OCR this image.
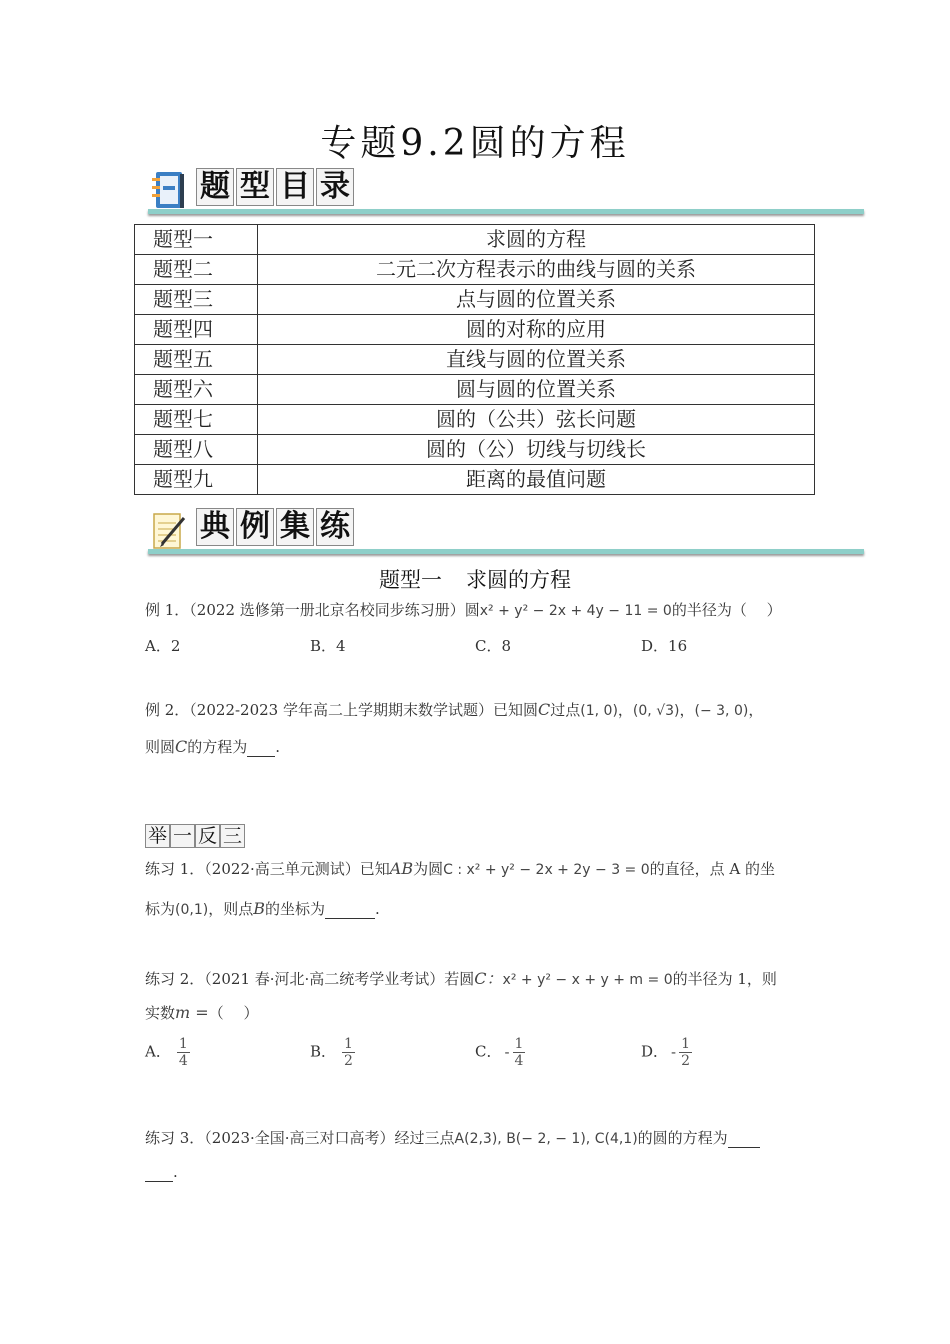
专题9.2圆的方程
题 型 目 录
题型一	求圆的方程
题型二	二元二次方程表示的曲线与圆的关系
题型三	点与圆的位置关系
题型四	圆的对称的应用
题型五	直线与圆的位置关系
题型六	圆与圆的位置关系
题型七	圆的（公共）弦长问题
题型八	圆的（公）切线与切线长
题型九	距离的最值问题
典 例 集 练
题型一 求圆的方程
例 1．（2022 选修第一册北京名校同步练习册）圆x² + y² − 2x + 4y − 11 = 0的半径为（　 ）
A．2	B．4	C．8	D．16
例 2．（2022-2023 学年高二上学期期末数学试题）已知圆C过点(1, 0)，(0, √3)，(− 3, 0)，
则圆C的方程为 .
举 一 反 三
练习 1．（2022·高三单元测试）已知AB为圆C : x² + y² − 2x + 2y − 3 = 0的直径，点 A 的坐
标为(0,1)，则点B的坐标为	.
练习 2．（2021 春·河北·高二统考学业考试）若圆C：x² + y² − x + y + m = 0的半径为 1，则
实数m =（　 ）
A． $\frac{1}{4}$	B． $\frac{1}{2}$	C． - $\frac{1}{4}$	D． - $\frac{1}{2}$
练习 3．（2023·全国·高三对口高考）经过三点A(2,3), B(− 2, − 1), C(4,1)的圆的方程为
.
